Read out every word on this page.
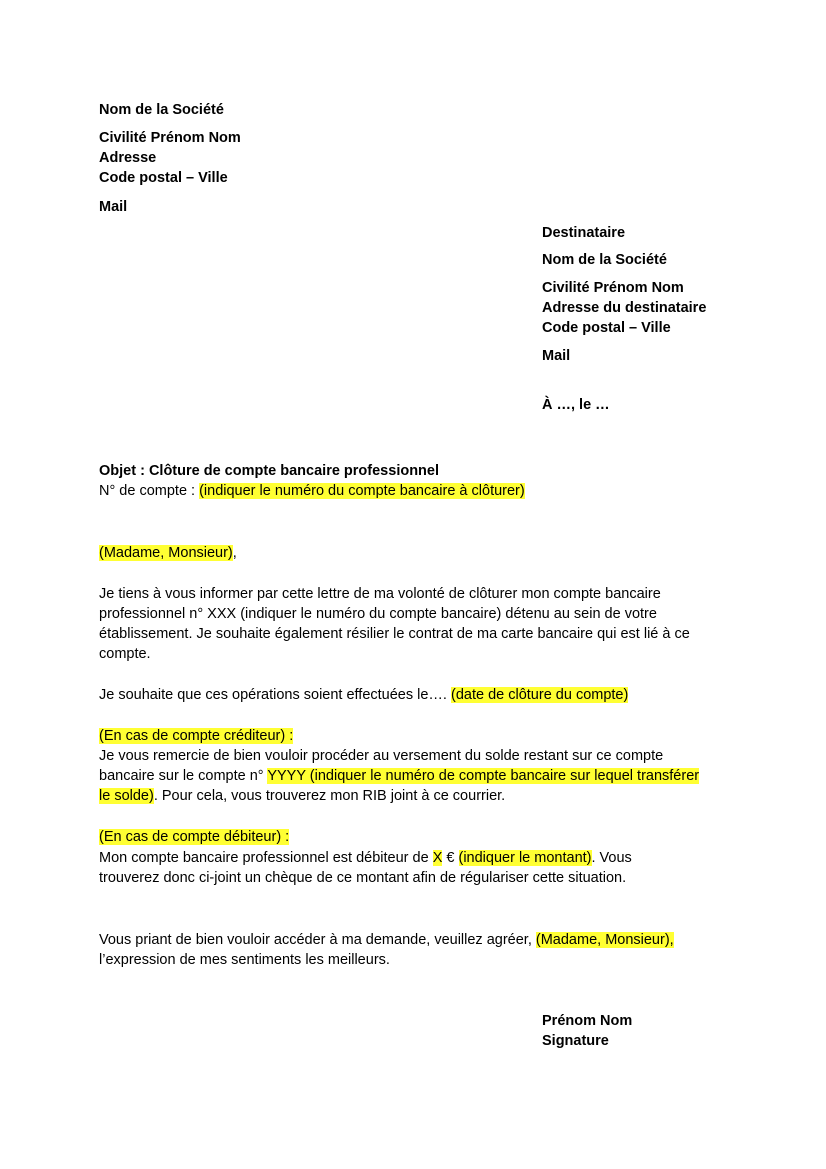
Nom de la Société
Civilité Prénom Nom
Adresse
Code postal – Ville
Mail
Destinataire
Nom de la Société
Civilité Prénom Nom
Adresse du destinataire
Code postal – Ville
Mail
À …, le …
Objet : Clôture de compte bancaire professionnel
N° de compte : (indiquer le numéro du compte bancaire à clôturer)
(Madame, Monsieur),
Je tiens à vous informer par cette lettre de ma volonté de clôturer mon compte bancaire
professionnel n° XXX (indiquer le numéro du compte bancaire) détenu au sein de votre
établissement. Je souhaite également résilier le contrat de ma carte bancaire qui est lié à ce
compte.
Je souhaite que ces opérations soient effectuées le…. (date de clôture du compte)
(En cas de compte créditeur) :
Je vous remercie de bien vouloir procéder au versement du solde restant sur ce compte
bancaire sur le compte n° YYYY (indiquer le numéro de compte bancaire sur lequel transférer
le solde). Pour cela, vous trouverez mon RIB joint à ce courrier.
(En cas de compte débiteur) :
Mon compte bancaire professionnel est débiteur de X € (indiquer le montant). Vous
trouverez donc ci-joint un chèque de ce montant afin de régulariser cette situation.
Vous priant de bien vouloir accéder à ma demande, veuillez agréer, (Madame, Monsieur),
l’expression de mes sentiments les meilleurs.
Prénom Nom
Signature
